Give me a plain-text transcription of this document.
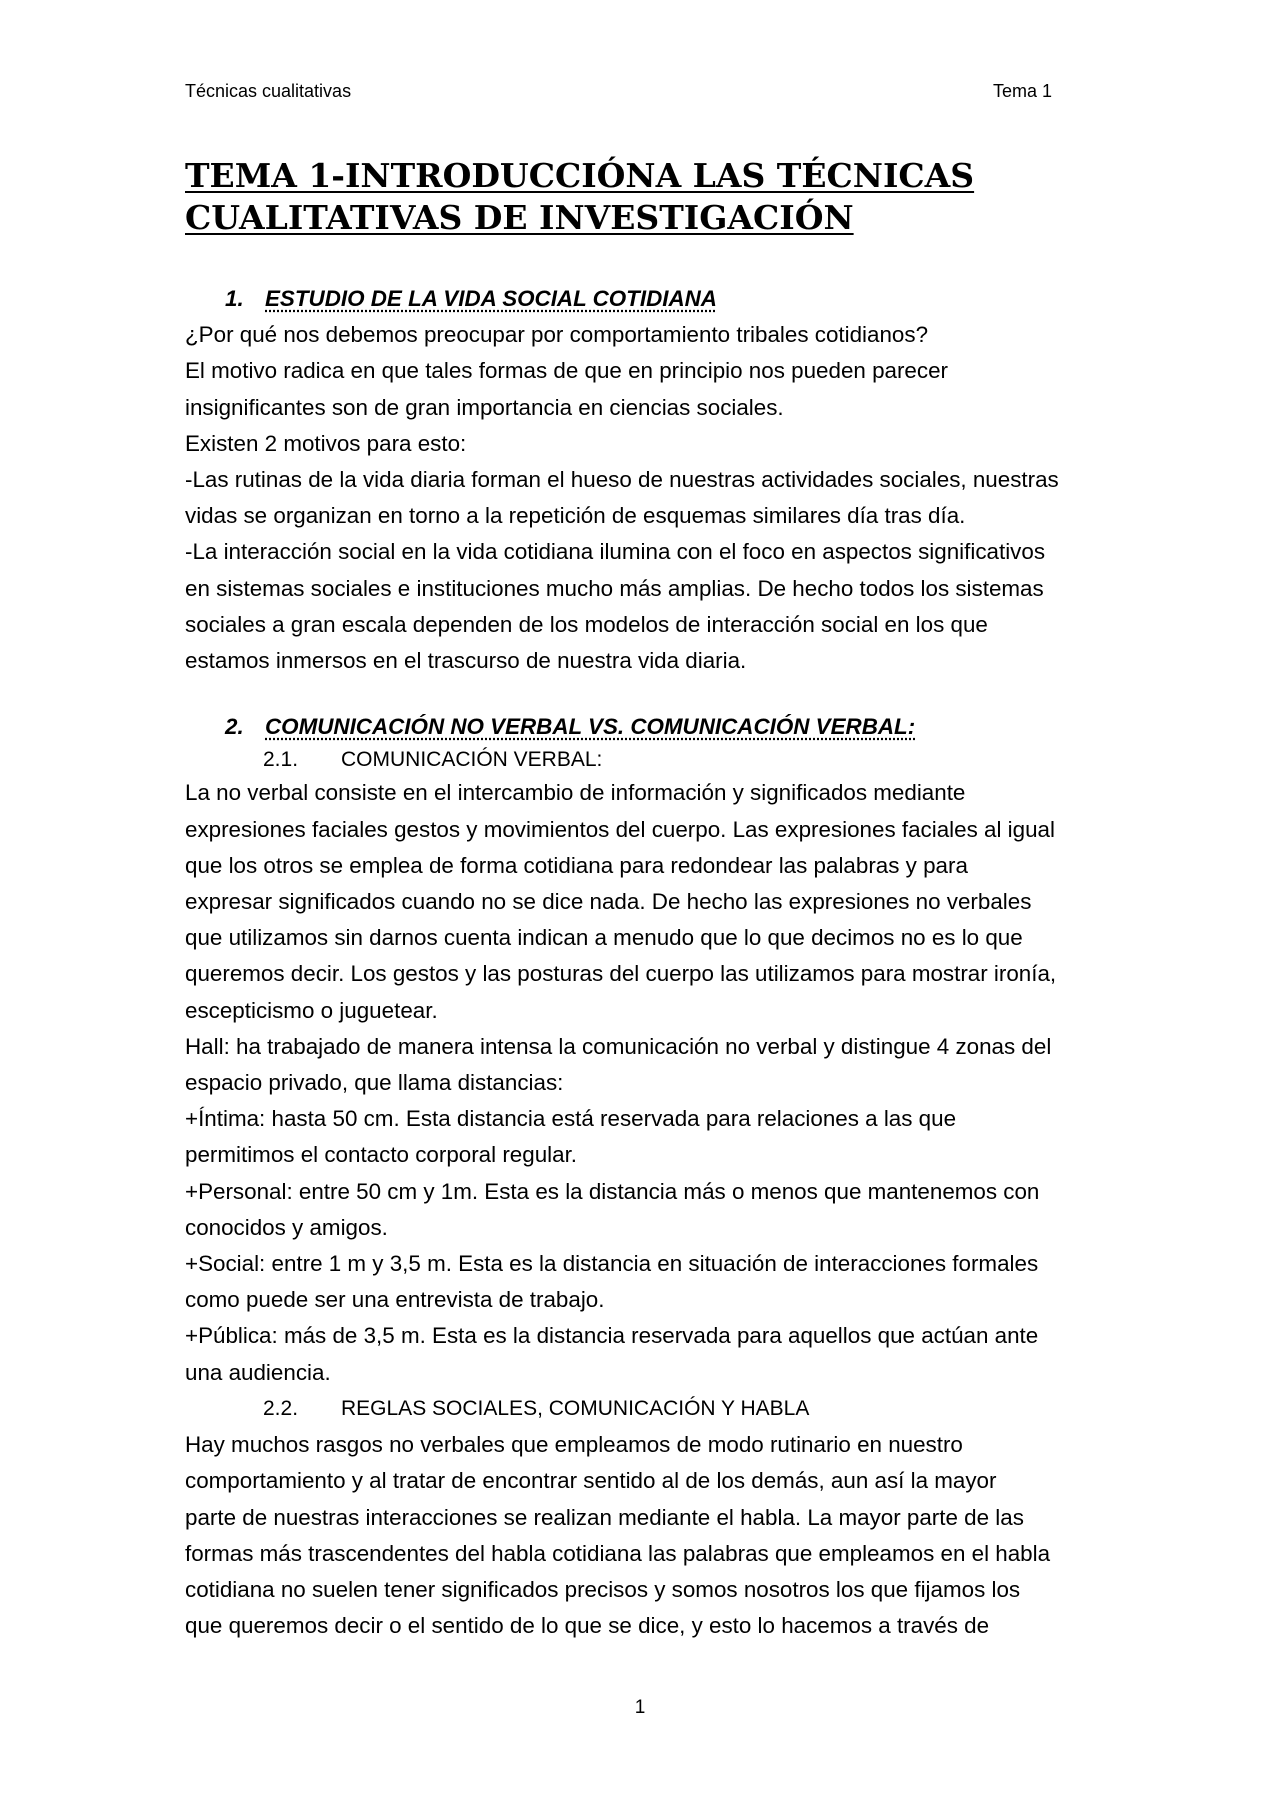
Técnicas cualitativas	Tema 1
TEMA 1-INTRODUCCIÓNA LAS TÉCNICAS
CUALITATIVAS DE INVESTIGACIÓN

1. ESTUDIO DE LA VIDA SOCIAL COTIDIANA

¿Por qué nos debemos preocupar por comportamiento tribales cotidianos?

El motivo radica en que tales formas de que en principio nos pueden parecer

insignificantes son de gran importancia en ciencias sociales.

Existen 2 motivos para esto:

-Las rutinas de la vida diaria forman el hueso de nuestras actividades sociales, nuestras

vidas se organizan en torno a la repetición de esquemas similares día tras día.

-La interacción social en la vida cotidiana ilumina con el foco en aspectos significativos

en sistemas sociales e instituciones mucho más amplias. De hecho todos los sistemas

sociales a gran escala dependen de los modelos de interacción social en los que

estamos inmersos en el trascurso de nuestra vida diaria.

2. COMUNICACIÓN NO VERBAL VS. COMUNICACIÓN VERBAL:

2.1. COMUNICACIÓN VERBAL:

La no verbal consiste en el intercambio de información y significados mediante

expresiones faciales gestos y movimientos del cuerpo. Las expresiones faciales al igual

que los otros se emplea de forma cotidiana para redondear las palabras y para

expresar significados cuando no se dice nada. De hecho las expresiones no verbales

que utilizamos sin darnos cuenta indican a menudo que lo que decimos no es lo que

queremos decir. Los gestos y las posturas del cuerpo las utilizamos para mostrar ironía,

escepticismo o juguetear.

Hall: ha trabajado de manera intensa la comunicación no verbal y distingue 4 zonas del

espacio privado, que llama distancias:

+Íntima: hasta 50 cm. Esta distancia está reservada para relaciones a las que

permitimos el contacto corporal regular.

+Personal: entre 50 cm y 1m. Esta es la distancia más o menos que mantenemos con

conocidos y amigos.

+Social: entre 1 m y 3,5 m. Esta es la distancia en situación de interacciones formales

como puede ser una entrevista de trabajo.

+Pública: más de 3,5 m. Esta es la distancia reservada para aquellos que actúan ante

una audiencia.

2.2. REGLAS SOCIALES, COMUNICACIÓN Y HABLA

Hay muchos rasgos no verbales que empleamos de modo rutinario en nuestro

comportamiento y al tratar de encontrar sentido al de los demás, aun así la mayor

parte de nuestras interacciones se realizan mediante el habla. La mayor parte de las

formas más trascendentes del habla cotidiana las palabras que empleamos en el habla

cotidiana no suelen tener significados precisos y somos nosotros los que fijamos los

que queremos decir o el sentido de lo que se dice, y esto lo hacemos a través de

1
